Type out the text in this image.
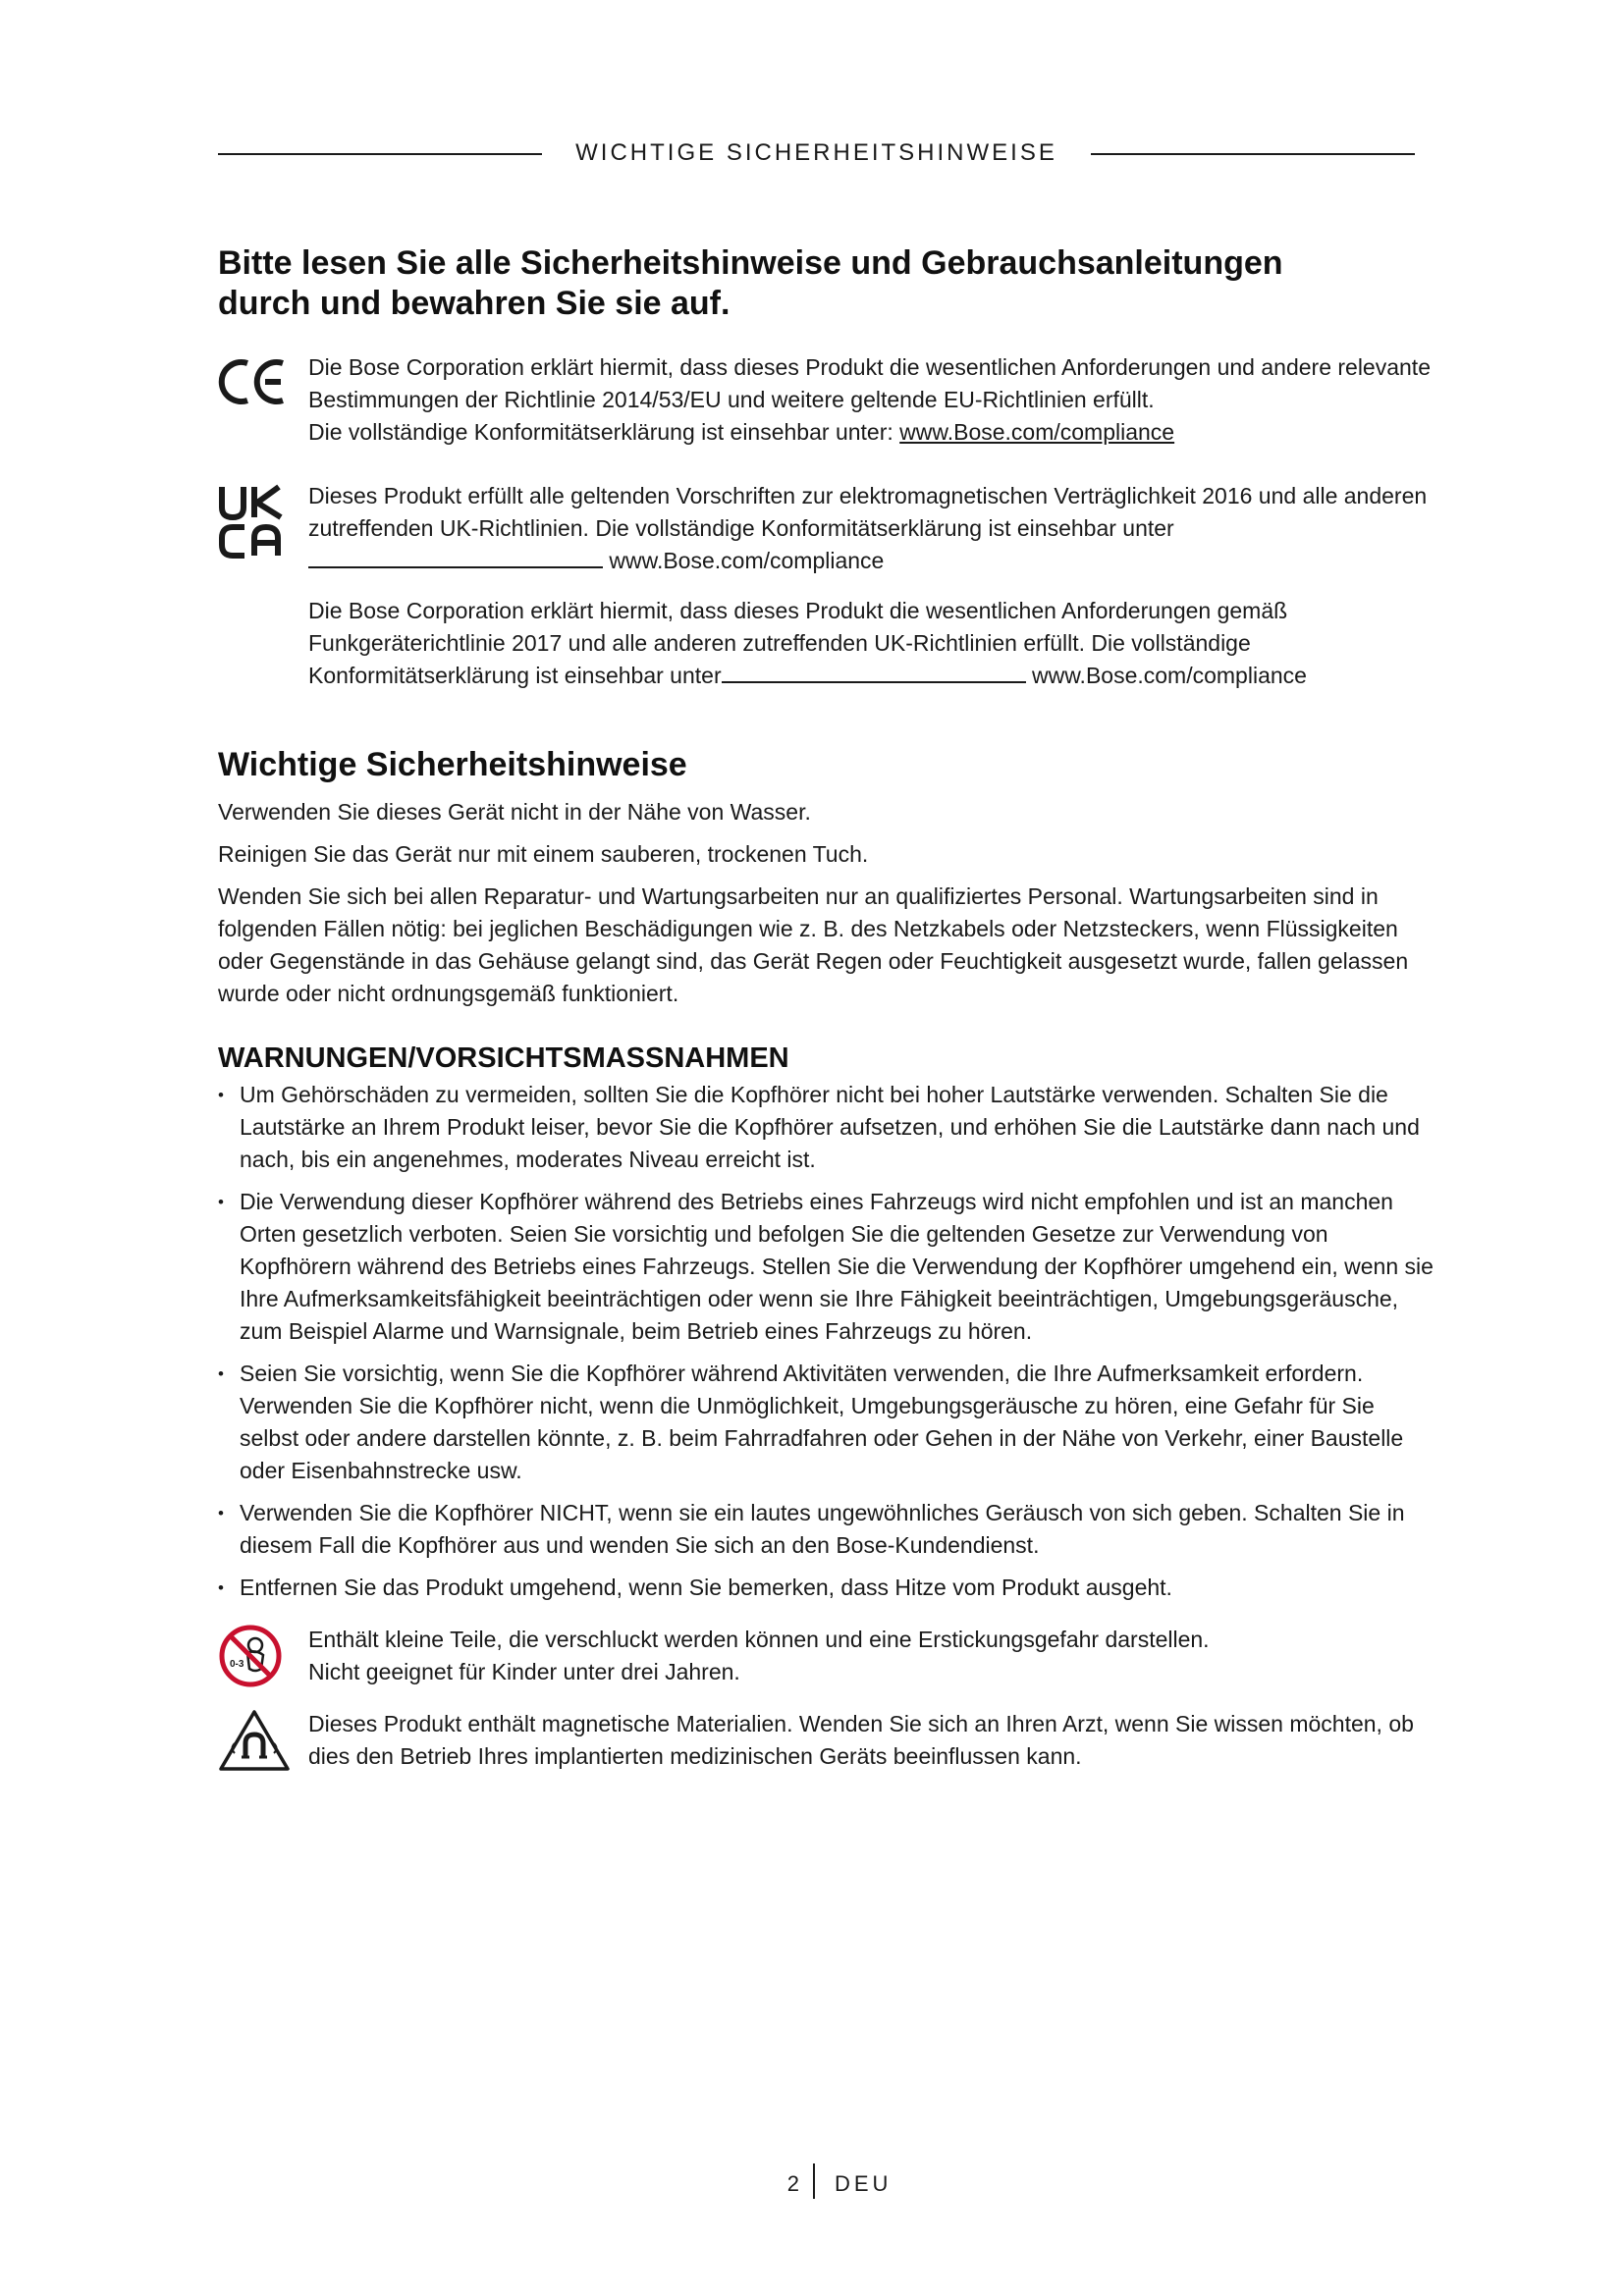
WICHTIGE SICHERHEITSHINWEISE
Bitte lesen Sie alle Sicherheitshinweise und Gebrauchsanleitungen durch und bewahren Sie sie auf.

Die Bose Corporation erklärt hiermit, dass dieses Produkt die wesentlichen Anforderungen und andere relevante Bestimmungen der Richtlinie 2014/53/EU und weitere geltende EU-Richtlinien erfüllt.

Die vollständige Konformitätserklärung ist einsehbar unter: www.Bose.com/compliance

Dieses Produkt erfüllt alle geltenden Vorschriften zur elektromagnetischen Verträglichkeit 2016 und alle anderen zutreffenden UK-Richtlinien. Die vollständige Konformitätserklärung ist einsehbar unter

www.Bose.com/compliance

Die Bose Corporation erklärt hiermit, dass dieses Produkt die wesentlichen Anforderungen gemäß Funkgeräterichtlinie 2017 und alle anderen zutreffenden UK-Richtlinien erfüllt. Die vollständige Konformitätserklärung ist einsehbar unter	www.Bose.com/compliance

Wichtige Sicherheitshinweise

Verwenden Sie dieses Gerät nicht in der Nähe von Wasser.

Reinigen Sie das Gerät nur mit einem sauberen, trockenen Tuch.

Wenden Sie sich bei allen Reparatur- und Wartungsarbeiten nur an qualifiziertes Personal. Wartungsarbeiten sind in folgenden Fällen nötig: bei jeglichen Beschädigungen wie z. B. des Netzkabels oder Netzsteckers, wenn Flüssigkeiten oder Gegenstände in das Gehäuse gelangt sind, das Gerät Regen oder Feuchtigkeit ausgesetzt wurde, fallen gelassen wurde oder nicht ordnungsgemäß funktioniert.

WARNUNGEN/VORSICHTSMASSNAHMEN
• Um Gehörschäden zu vermeiden, sollten Sie die Kopfhörer nicht bei hoher Lautstärke verwenden. Schalten Sie die Lautstärke an Ihrem Produkt leiser, bevor Sie die Kopfhörer aufsetzen, und erhöhen Sie die Lautstärke dann nach und nach, bis ein angenehmes, moderates Niveau erreicht ist.
• Die Verwendung dieser Kopfhörer während des Betriebs eines Fahrzeugs wird nicht empfohlen und ist an manchen Orten gesetzlich verboten. Seien Sie vorsichtig und befolgen Sie die geltenden Gesetze zur Verwendung von Kopfhörern während des Betriebs eines Fahrzeugs. Stellen Sie die Verwendung der Kopfhörer umgehend ein, wenn sie Ihre Aufmerksamkeitsfähigkeit beeinträchtigen oder wenn sie Ihre Fähigkeit beeinträchtigen, Umgebungsgeräusche, zum Beispiel Alarme und Warnsignale, beim Betrieb eines Fahrzeugs zu hören.
• Seien Sie vorsichtig, wenn Sie die Kopfhörer während Aktivitäten verwenden, die Ihre Aufmerksamkeit erfordern. Verwenden Sie die Kopfhörer nicht, wenn die Unmöglichkeit, Umgebungsgeräusche zu hören, eine Gefahr für Sie selbst oder andere darstellen könnte, z. B. beim Fahrradfahren oder Gehen in der Nähe von Verkehr, einer Baustelle oder Eisenbahnstrecke usw.
• Verwenden Sie die Kopfhörer NICHT, wenn sie ein lautes ungewöhnliches Geräusch von sich geben. Schalten Sie in diesem Fall die Kopfhörer aus und wenden Sie sich an den Bose-Kundendienst.
• Entfernen Sie das Produkt umgehend, wenn Sie bemerken, dass Hitze vom Produkt ausgeht.
0-3

Enthält kleine Teile, die verschluckt werden können und eine Erstickungsgefahr darstellen.

Nicht geeignet für Kinder unter drei Jahren.

Dieses Produkt enthält magnetische Materialien. Wenden Sie sich an Ihren Arzt, wenn Sie wissen möchten, ob dies den Betrieb Ihres implantierten medizinischen Geräts beeinflussen kann.

2 DEU
